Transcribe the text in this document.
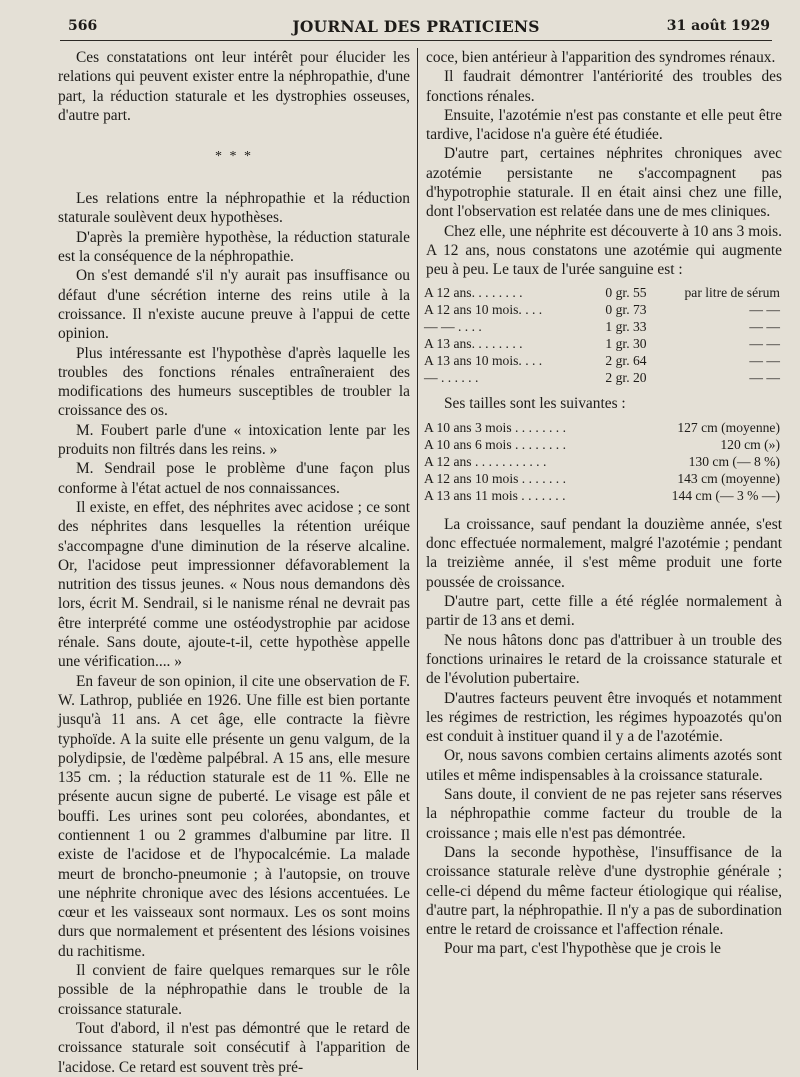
566	JOURNAL DES PRATICIENS	31 août 1929

Ces constatations ont leur intérêt pour élucider les relations qui peuvent exister entre la néphropathie, d'une part, la réduction staturale et les dystrophies osseuses, d'autre part.

* * *

Les relations entre la néphropathie et la réduction staturale soulèvent deux hypothèses.

D'après la première hypothèse, la réduction staturale est la conséquence de la néphropathie.

On s'est demandé s'il n'y aurait pas insuffisance ou défaut d'une sécrétion interne des reins utile à la croissance. Il n'existe aucune preuve à l'appui de cette opinion.

Plus intéressante est l'hypothèse d'après laquelle les troubles des fonctions rénales entraîneraient des modifications des humeurs susceptibles de troubler la croissance des os.

M. Foubert parle d'une « intoxication lente par les produits non filtrés dans les reins. »

M. Sendrail pose le problème d'une façon plus conforme à l'état actuel de nos connaissances.

Il existe, en effet, des néphrites avec acidose ; ce sont des néphrites dans lesquelles la rétention uréique s'accompagne d'une diminution de la réserve alcaline. Or, l'acidose peut impressionner défavorablement la nutrition des tissus jeunes. « Nous nous demandons dès lors, écrit M. Sendrail, si le nanisme rénal ne devrait pas être interprété comme une ostéodystrophie par acidose rénale. Sans doute, ajoute-t-il, cette hypothèse appelle une vérification.... »

En faveur de son opinion, il cite une observation de F. W. Lathrop, publiée en 1926. Une fille est bien portante jusqu'à 11 ans. A cet âge, elle contracte la fièvre typhoïde. A la suite elle présente un genu valgum, de la polydipsie, de l'œdème palpébral. A 15 ans, elle mesure 135 cm. ; la réduction staturale est de 11 %. Elle ne présente aucun signe de puberté. Le visage est pâle et bouffi. Les urines sont peu colorées, abondantes, et contiennent 1 ou 2 grammes d'albumine par litre. Il existe de l'acidose et de l'hypocalcémie. La malade meurt de broncho-pneumonie ; à l'autopsie, on trouve une néphrite chronique avec des lésions accentuées. Le cœur et les vaisseaux sont normaux. Les os sont moins durs que normalement et présentent des lésions voisines du rachitisme.

Il convient de faire quelques remarques sur le rôle possible de la néphropathie dans le trouble de la croissance staturale.

Tout d'abord, il n'est pas démontré que le retard de croissance staturale soit consécutif à l'apparition de l'acidose. Ce retard est souvent très pré-

coce, bien antérieur à l'apparition des syndromes rénaux.

Il faudrait démontrer l'antériorité des troubles des fonctions rénales.

Ensuite, l'azotémie n'est pas constante et elle peut être tardive, l'acidose n'a guère été étudiée.

D'autre part, certaines néphrites chroniques avec azotémie persistante ne s'accompagnent pas d'hypotrophie staturale. Il en était ainsi chez une fille, dont l'observation est relatée dans une de mes cliniques.

Chez elle, une néphrite est découverte à 10 ans 3 mois. A 12 ans, nous constatons une azotémie qui augmente peu à peu. Le taux de l'urée sanguine est :

A 12 ans. . . . . . . .	0 gr. 55	par litre de sérum
A 12 ans 10 mois. . . .	0 gr. 73	— —
— — . . . .	1 gr. 33	— —
A 13 ans. . . . . . . .	1 gr. 30	— —
A 13 ans 10 mois. . . .	2 gr. 64	— —
— . . . . . .	2 gr. 20	— —

Ses tailles sont les suivantes :

A 10 ans 3 mois . . . . . . . .	127 cm (moyenne)
A 10 ans 6 mois . . . . . . . .	120 cm (»)
A 12 ans . . . . . . . . . . .	130 cm (— 8 %)
A 12 ans 10 mois . . . . . . .	143 cm (moyenne)
A 13 ans 11 mois . . . . . . .	144 cm (— 3 % —)

La croissance, sauf pendant la douzième année, s'est donc effectuée normalement, malgré l'azotémie ; pendant la treizième année, il s'est même produit une forte poussée de croissance.

D'autre part, cette fille a été réglée normalement à partir de 13 ans et demi.

Ne nous hâtons donc pas d'attribuer à un trouble des fonctions urinaires le retard de la croissance staturale et de l'évolution pubertaire.

D'autres facteurs peuvent être invoqués et notamment les régimes de restriction, les régimes hypoazotés qu'on est conduit à instituer quand il y a de l'azotémie.

Or, nous savons combien certains aliments azotés sont utiles et même indispensables à la croissance staturale.

Sans doute, il convient de ne pas rejeter sans réserves la néphropathie comme facteur du trouble de la croissance ; mais elle n'est pas démontrée.

Dans la seconde hypothèse, l'insuffisance de la croissance staturale relève d'une dystrophie générale ; celle-ci dépend du même facteur étiologique qui réalise, d'autre part, la néphropathie. Il n'y a pas de subordination entre le retard de croissance et l'affection rénale.

Pour ma part, c'est l'hypothèse que je crois le
